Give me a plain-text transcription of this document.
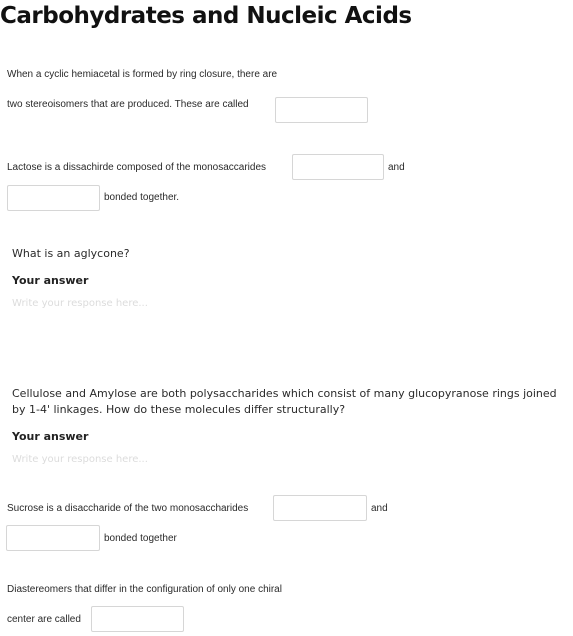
Carbohydrates and Nucleic Acids
When a cyclic hemiacetal is formed by ring closure, there are
two stereoisomers that are produced. These are called
Lactose is a dissachirde composed of the monosaccarides	and
bonded together.
What is an aglycone?
Your answer
Write your response here...
Cellulose and Amylose are both polysaccharides which consist of many glucopyranose rings joined by 1-4' linkages. How do these molecules differ structurally?
Your answer
Write your response here...
Sucrose is a disaccharide of the two monosaccharides	and
bonded together
Diastereomers that differ in the configuration of only one chiral
center are called
